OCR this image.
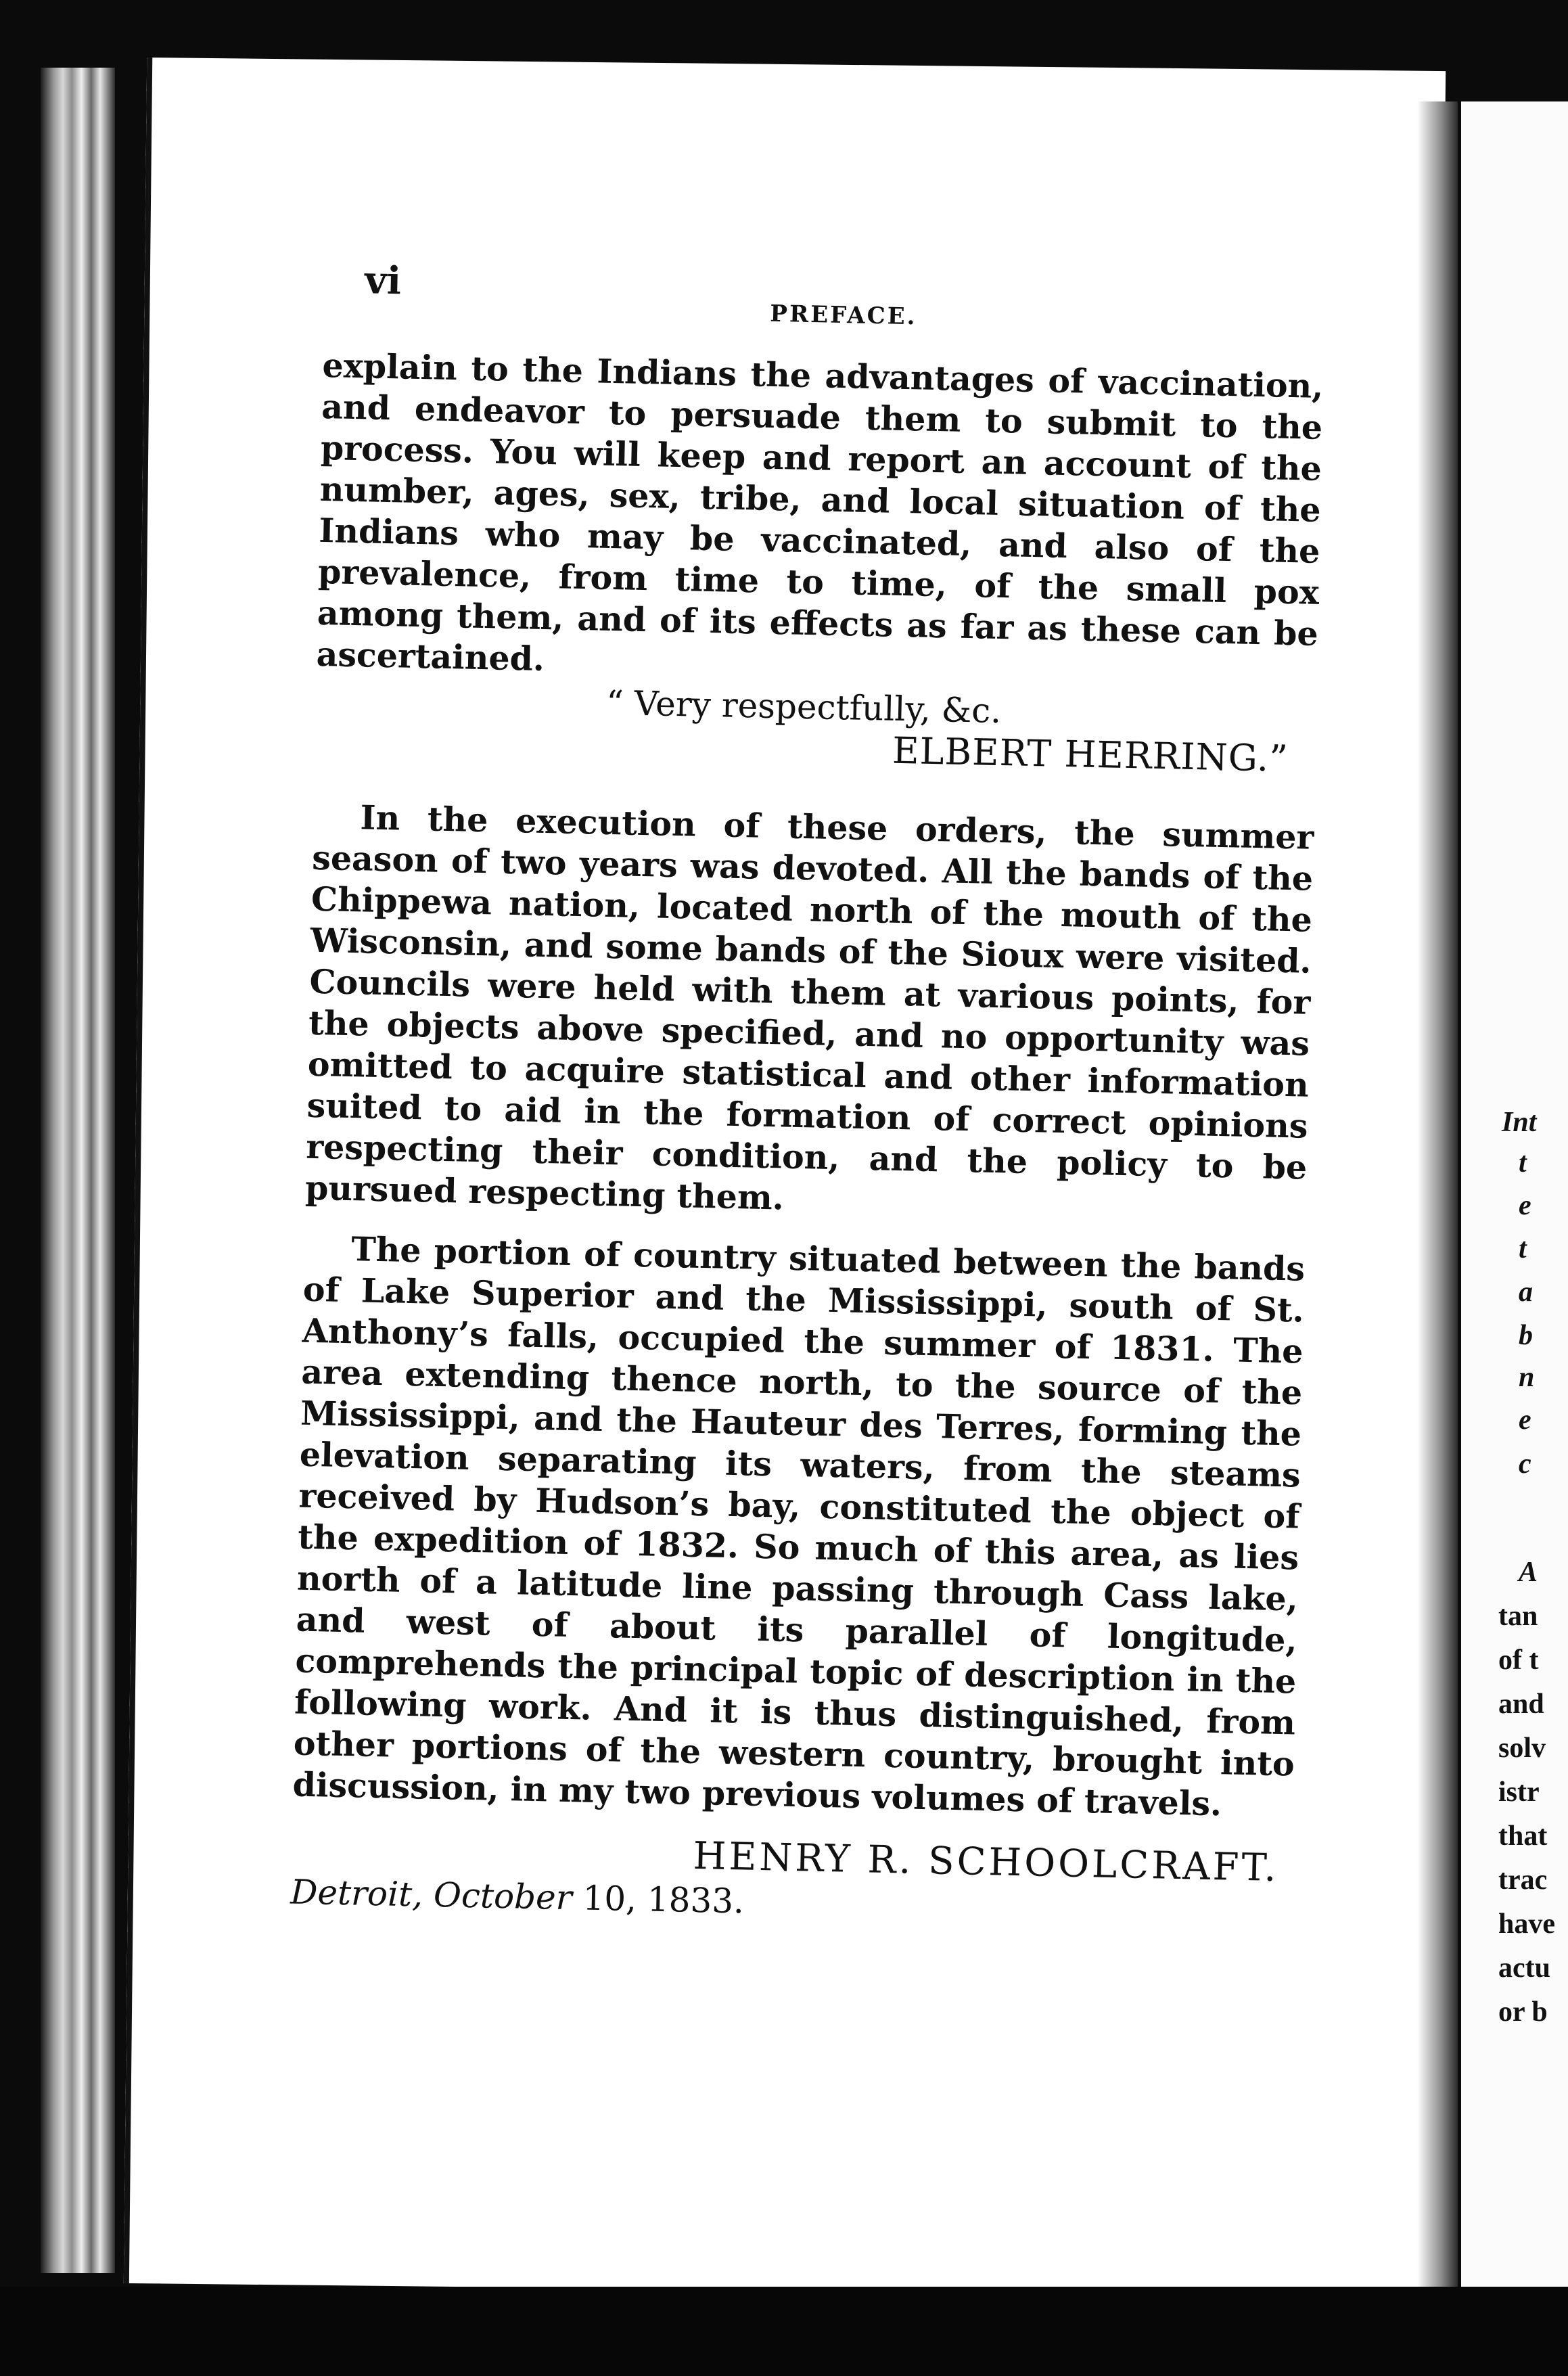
Int
t
e
t
a
b
n
e
c
A
tan
of t
and
solv
istr
that
trac
have
actu
or b
vi
PREFACE.

explain to the Indians the advantages of vaccination, and endeavor to persuade them to submit to the process. You will keep and report an account of the number, ages, sex, tribe, and local situation of the Indians who may be vaccinated, and also of the prevalence, from time to time, of the small pox among them, and of its effects as far as these can be ascertained.

“ Very respectfully, &c.

ELBERT HERRING.”

In the execution of these orders, the summer season of two years was devoted. All the bands of the Chippewa nation, located north of the mouth of the Wisconsin, and some bands of the Sioux were visited. Councils were held with them at various points, for the objects above specified, and no opportunity was omitted to acquire statistical and other information suited to aid in the formation of correct opinions respecting their condition, and the policy to be pursued respecting them.

The portion of country situated between the bands of Lake Superior and the Mississippi, south of St. Anthony’s falls, occupied the summer of 1831. The area extending thence north, to the source of the Mississippi, and the Hauteur des Terres, forming the elevation separating its waters, from the steams received by Hudson’s bay, constituted the object of the expedition of 1832. So much of this area, as lies north of a latitude line passing through Cass lake, and west of about its parallel of longitude, comprehends the principal topic of description in the following work. And it is thus distinguished, from other portions of the western country, brought into discussion, in my two previous volumes of travels.

HENRY R. SCHOOLCRAFT.

Detroit, October 10, 1833.
